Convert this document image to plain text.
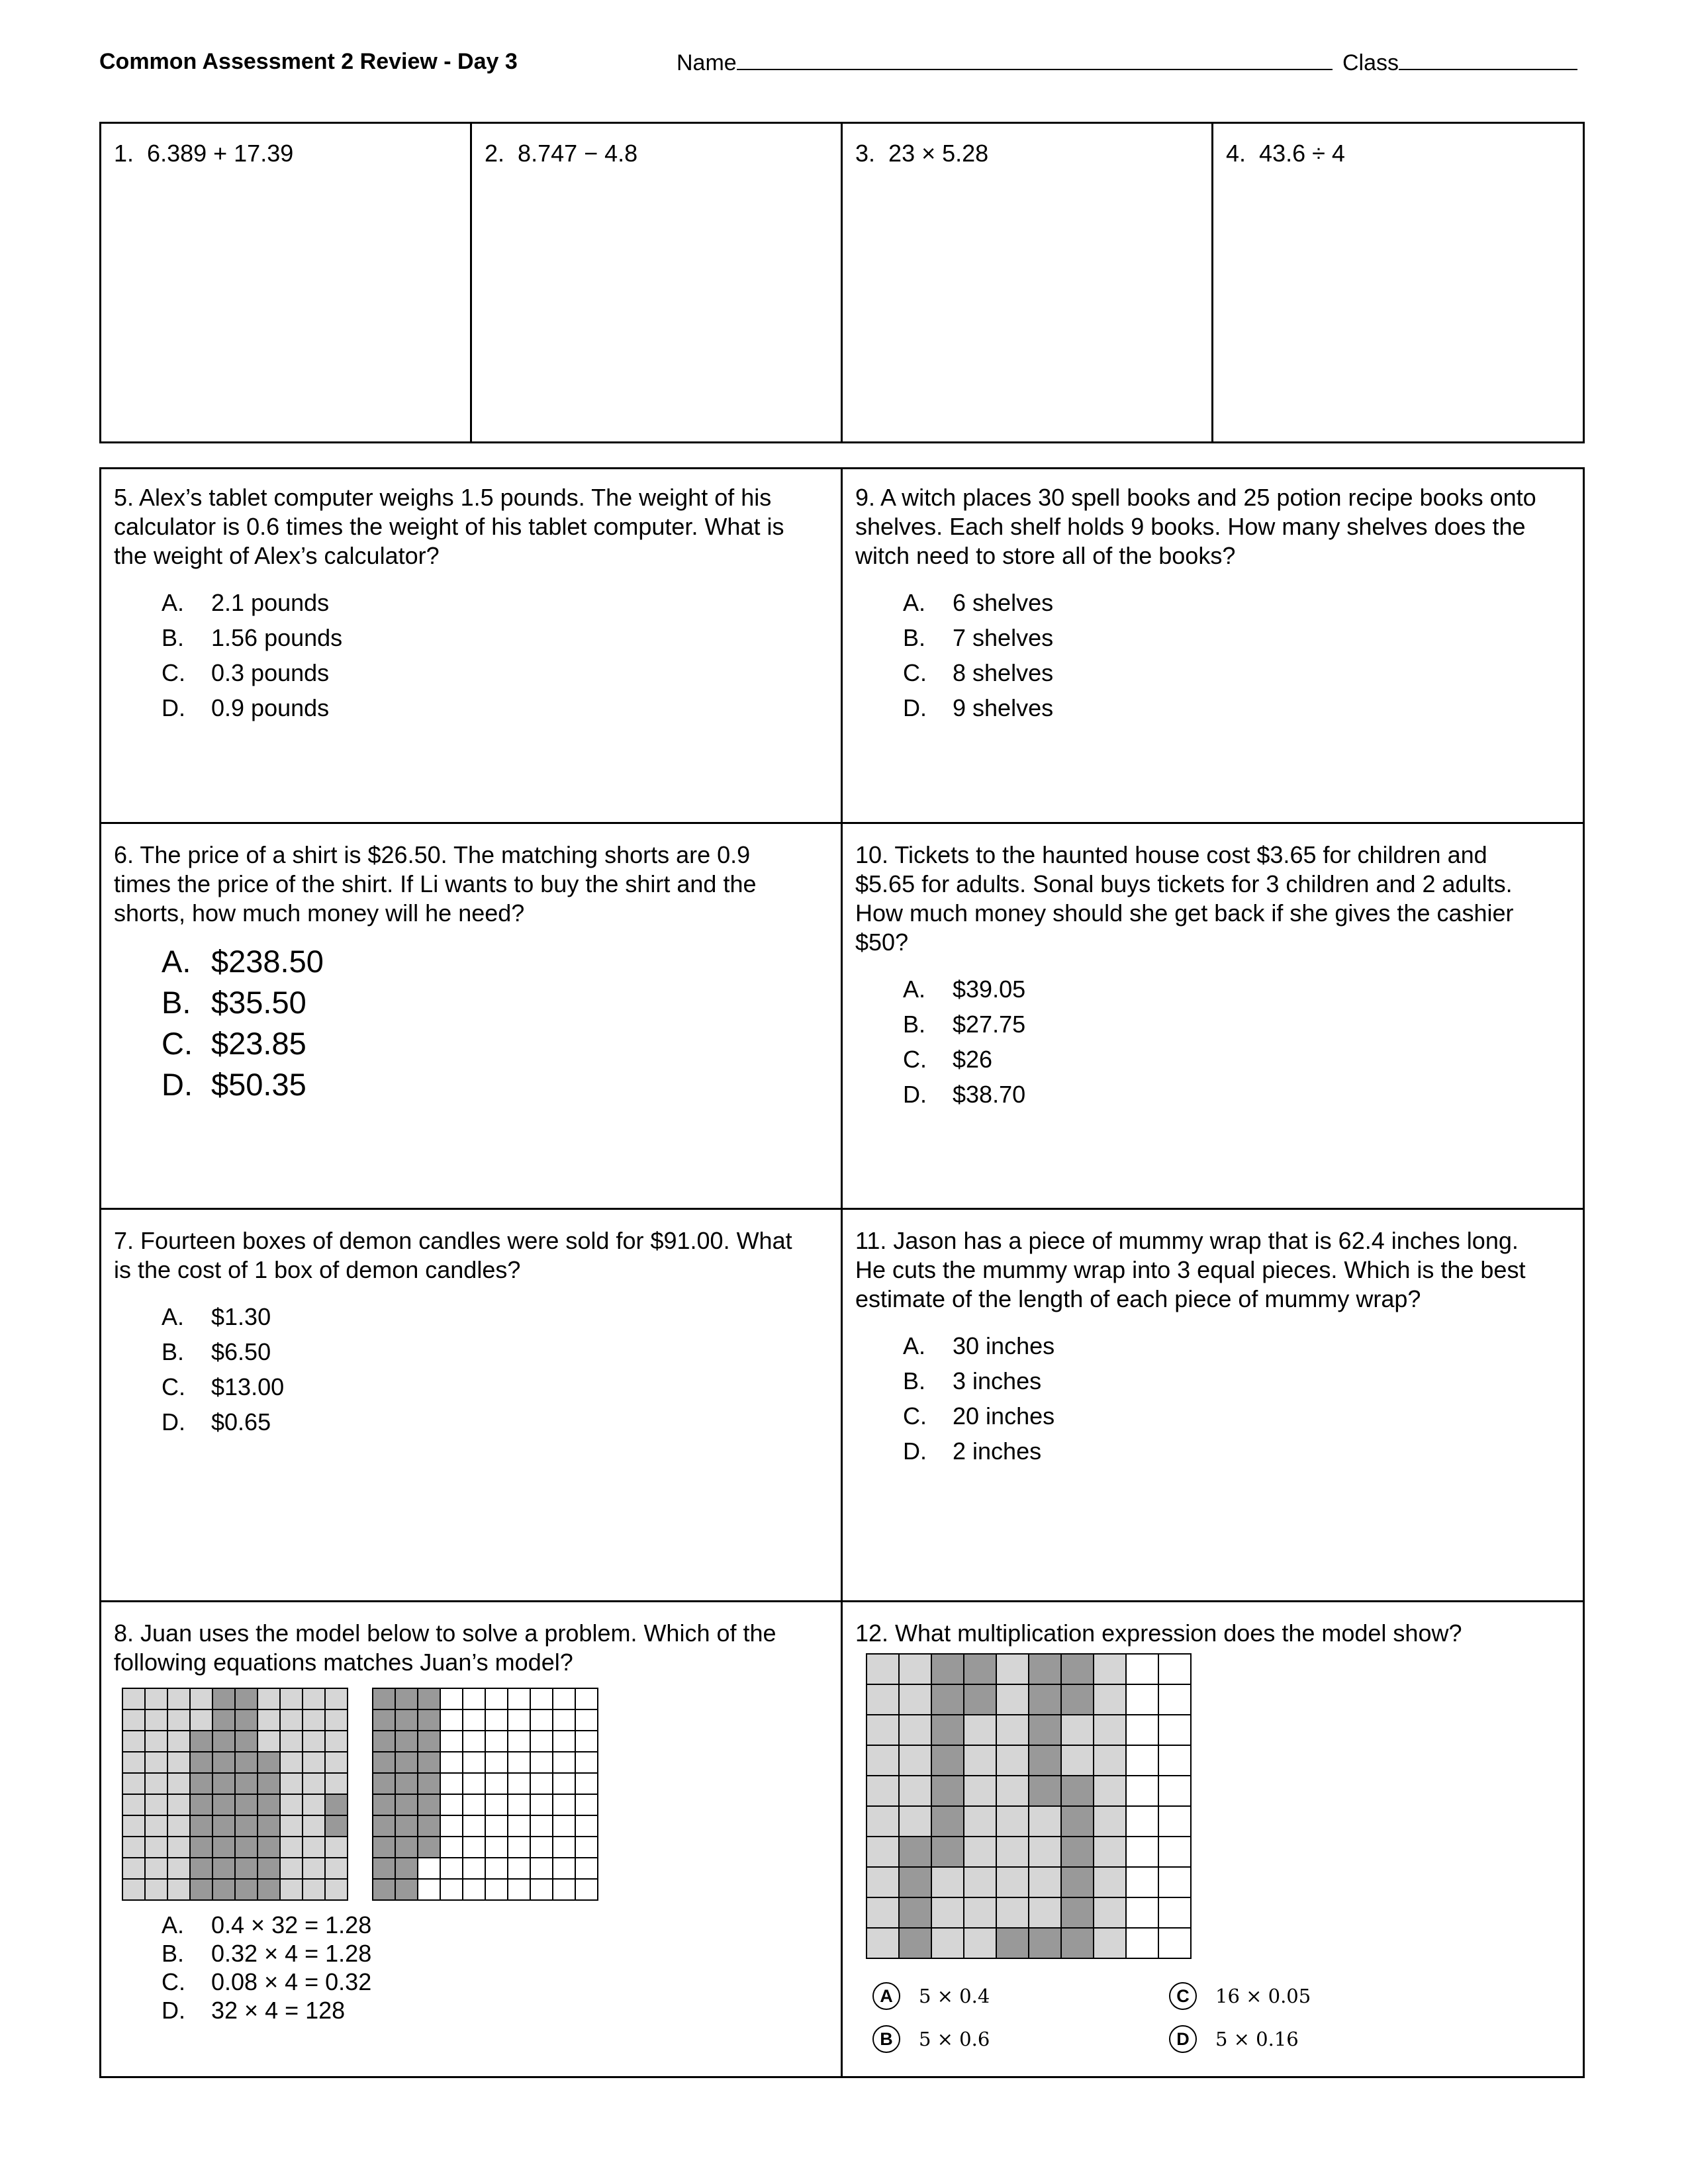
Common Assessment 2 Review - Day 3	Name	Class
1. 6.389 + 17.39	2. 8.747 − 4.8	3. 23 × 5.28	4. 43.6 ÷ 4
5. Alex’s tablet computer weighs 1.5 pounds. The weight of his
calculator is 0.6 times the weight of his tablet computer. What is
the weight of Alex’s calculator?
A. 2.1 pounds
B. 1.56 pounds
C. 0.3 pounds
D. 0.9 pounds
9. A witch places 30 spell books and 25 potion recipe books onto
shelves. Each shelf holds 9 books. How many shelves does the
witch need to store all of the books?
A. 6 shelves
B. 7 shelves
C. 8 shelves
D. 9 shelves
6. The price of a shirt is $26.50. The matching shorts are 0.9
times the price of the shirt. If Li wants to buy the shirt and the
shorts, how much money will he need?
A. $238.50
B. $35.50
C. $23.85
D. $50.35
10. Tickets to the haunted house cost $3.65 for children and
$5.65 for adults. Sonal buys tickets for 3 children and 2 adults.
How much money should she get back if she gives the cashier
$50?
A. $39.05
B. $27.75
C. $26
D. $38.70
7. Fourteen boxes of demon candles were sold for $91.00. What
is the cost of 1 box of demon candles?
A. $1.30
B. $6.50
C. $13.00
D. $0.65
11. Jason has a piece of mummy wrap that is 62.4 inches long.
He cuts the mummy wrap into 3 equal pieces. Which is the best
estimate of the length of each piece of mummy wrap?
A. 30 inches
B. 3 inches
C. 20 inches
D. 2 inches
8. Juan uses the model below to solve a problem. Which of the
following equations matches Juan’s model?
A. 0.4 × 32 = 1.28
B. 0.32 × 4 = 1.28
C. 0.08 × 4 = 0.32
D. 32 × 4 = 128
12. What multiplication expression does the model show?
A 5 × 0.4
B 5 × 0.6
C 16 × 0.05
D 5 × 0.16
